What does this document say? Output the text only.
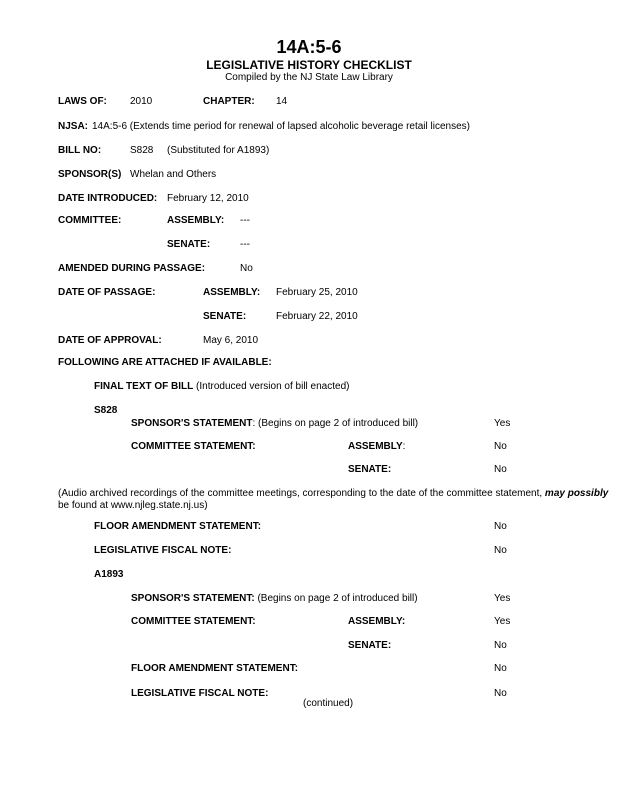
14A:5-6
LEGISLATIVE HISTORY CHECKLIST
Compiled by the NJ State Law Library
LAWS OF: 2010	CHAPTER: 14
NJSA: 14A:5-6 (Extends time period for renewal of lapsed alcoholic beverage retail licenses)
BILL NO:	S828 (Substituted for A1893)
SPONSOR(S) Whelan and Others
DATE INTRODUCED: February 12, 2010
COMMITTEE:	ASSEMBLY: ---
SENATE:	---
AMENDED DURING PASSAGE:	No
DATE OF PASSAGE:	ASSEMBLY: February 25, 2010
SENATE:	February 22, 2010
DATE OF APPROVAL:	May 6, 2010
FOLLOWING ARE ATTACHED IF AVAILABLE:
FINAL TEXT OF BILL (Introduced version of bill enacted)
S828
SPONSOR'S STATEMENT: (Begins on page 2 of introduced bill)	Yes
COMMITTEE STATEMENT:	ASSEMBLY:	No
SENATE:	No
(Audio archived recordings of the committee meetings, corresponding to the date of the committee statement, may possibly
be found at www.njleg.state.nj.us)
FLOOR AMENDMENT STATEMENT:	No
LEGISLATIVE FISCAL NOTE:	No
A1893
SPONSOR'S STATEMENT: (Begins on page 2 of introduced bill)	Yes
COMMITTEE STATEMENT:	ASSEMBLY:	Yes
SENATE:	No
FLOOR AMENDMENT STATEMENT:	No
LEGISLATIVE FISCAL NOTE:	No
(continued)
